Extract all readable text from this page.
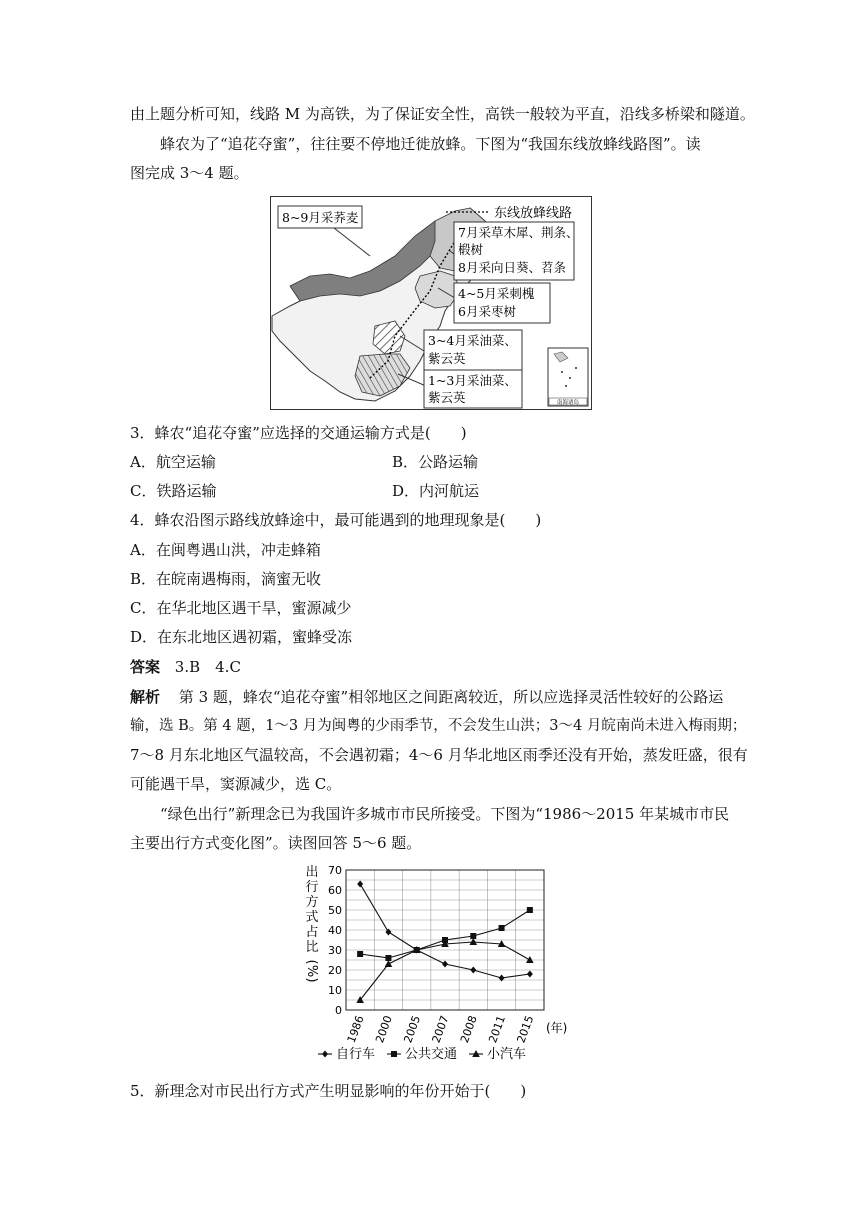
由上题分析可知，线路 M 为高铁，为了保证安全性，高铁一般较为平直，沿线多桥梁和隧道。
蜂农为了“追花夺蜜”，往往要不停地迁徙放蜂。下图为“我国东线放蜂线路图”。读
图完成 3～4 题。
东线放蜂线路
8~9月采荞麦
7月采草木犀、荆条、
椴树
8月采向日葵、苕条
4~5月采刺槐
6月采枣树
3~4月采油菜、
紫云英
1~3月采油菜、
紫云英	南海诸岛
3．蜂农“追花夺蜜”应选择的交通运输方式是(　　)
A．航空运输	B．公路运输
C．铁路运输	D．内河航运
4．蜂农沿图示路线放蜂途中，最可能遇到的地理现象是(　　)
A．在闽粤遇山洪，冲走蜂箱
B．在皖南遇梅雨，滴蜜无收
C．在华北地区遇干旱，蜜源减少
D．在东北地区遇初霜，蜜蜂受冻
答案 3.B　4.C
解析 第 3 题，蜂农“追花夺蜜”相邻地区之间距离较近，所以应选择灵活性较好的公路运
输，选 B。第 4 题，1～3 月为闽粤的少雨季节，不会发生山洪；3～4 月皖南尚未进入梅雨期；
7～8 月东北地区气温较高，不会遇初霜；4～6 月华北地区雨季还没有开始，蒸发旺盛，很有
可能遇干旱，窦源减少，选 C。
“绿色出行”新理念已为我国许多城市市民所接受。下图为“1986～2015 年某城市市民
主要出行方式变化图”。读图回答 5～6 题。
出
行
方
式
占
比
(
%
)
0
10
20
30
40
50
60
70
1986 2000 2005 2007 2008 2011 2015 (年)
自行车 公共交通 小汽车
5．新理念对市民出行方式产生明显影响的年份开始于(　　)
